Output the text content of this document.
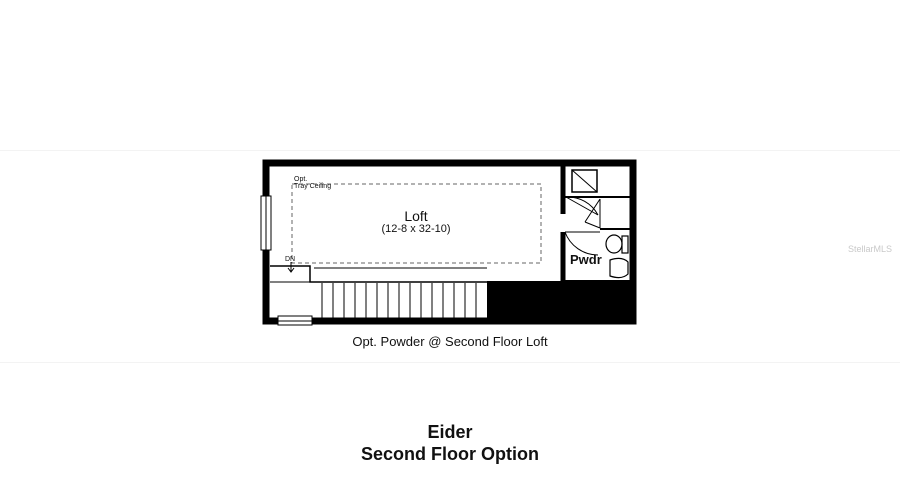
Opt.
Tray Ceiling
Loft
(12-8 x 32-10)
DN	Pwdr
Opt. Powder @ Second Floor Loft
Eider
Second Floor Option
StellarMLS
